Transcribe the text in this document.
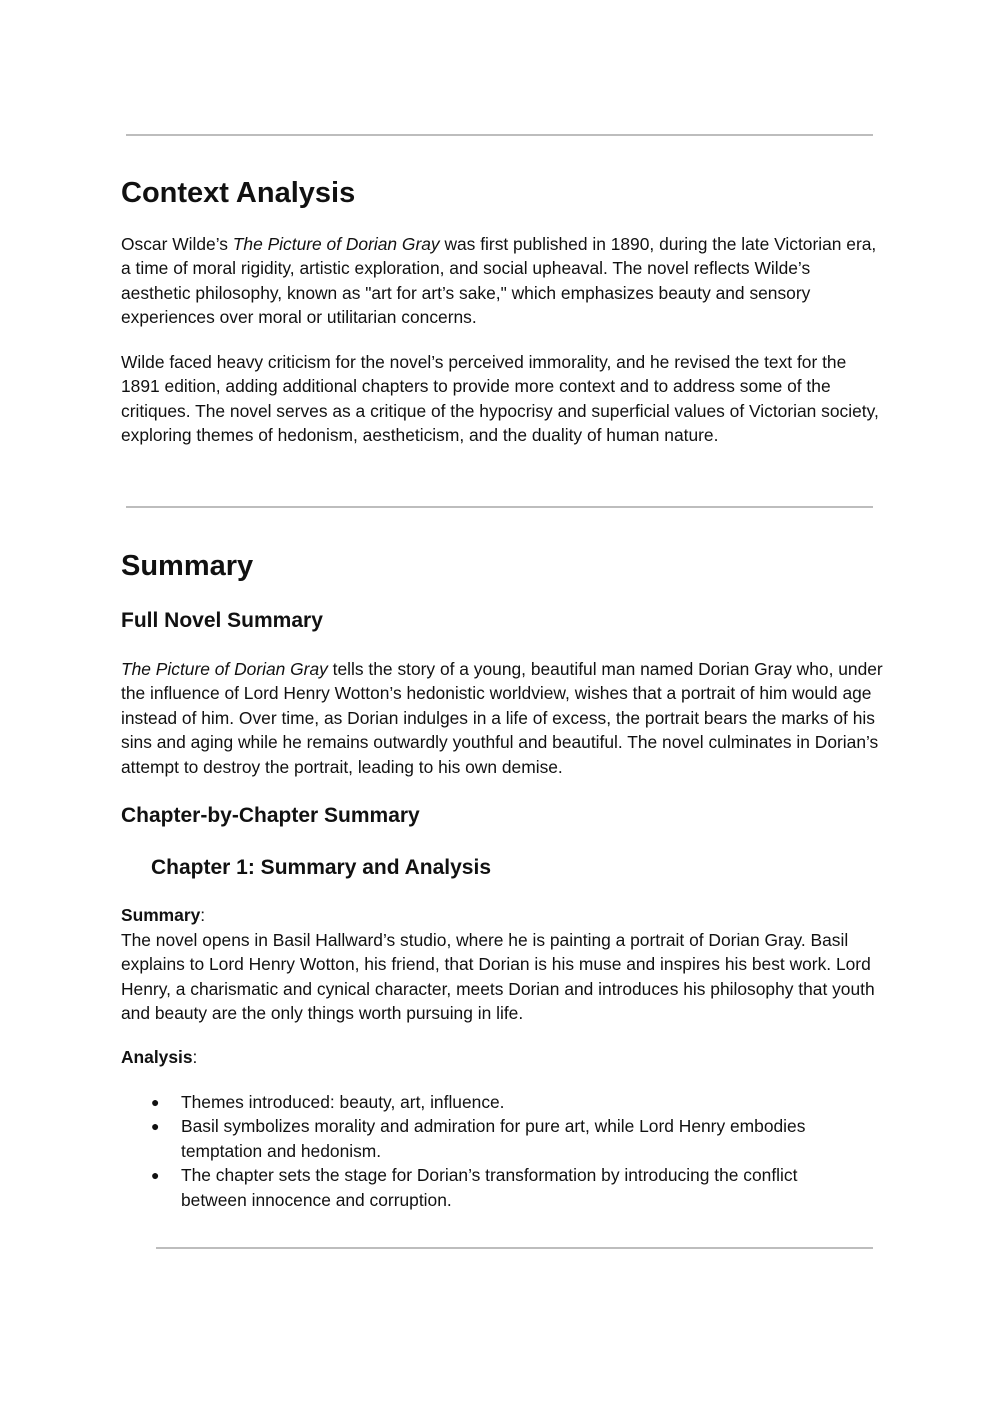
Context Analysis

Oscar Wilde’s The Picture of Dorian Gray was first published in 1890, during the late Victorian era, a time of moral rigidity, artistic exploration, and social upheaval. The novel reflects Wilde’s aesthetic philosophy, known as "art for art’s sake," which emphasizes beauty and sensory experiences over moral or utilitarian concerns.

Wilde faced heavy criticism for the novel’s perceived immorality, and he revised the text for the 1891 edition, adding additional chapters to provide more context and to address some of the critiques. The novel serves as a critique of the hypocrisy and superficial values of Victorian society, exploring themes of hedonism, aestheticism, and the duality of human nature.

Summary
Full Novel Summary

The Picture of Dorian Gray tells the story of a young, beautiful man named Dorian Gray who, under the influence of Lord Henry Wotton’s hedonistic worldview, wishes that a portrait of him would age instead of him. Over time, as Dorian indulges in a life of excess, the portrait bears the marks of his sins and aging while he remains outwardly youthful and beautiful. The novel culminates in Dorian’s attempt to destroy the portrait, leading to his own demise.

Chapter-by-Chapter Summary
Chapter 1: Summary and Analysis

Summary:

The novel opens in Basil Hallward’s studio, where he is painting a portrait of Dorian Gray. Basil explains to Lord Henry Wotton, his friend, that Dorian is his muse and inspires his best work. Lord Henry, a charismatic and cynical character, meets Dorian and introduces his philosophy that youth and beauty are the only things worth pursuing in life.

Analysis:

● Themes introduced: beauty, art, influence.
● Basil symbolizes morality and admiration for pure art, while Lord Henry embodies temptation and hedonism.
● The chapter sets the stage for Dorian’s transformation by introducing the conflict between innocence and corruption.
